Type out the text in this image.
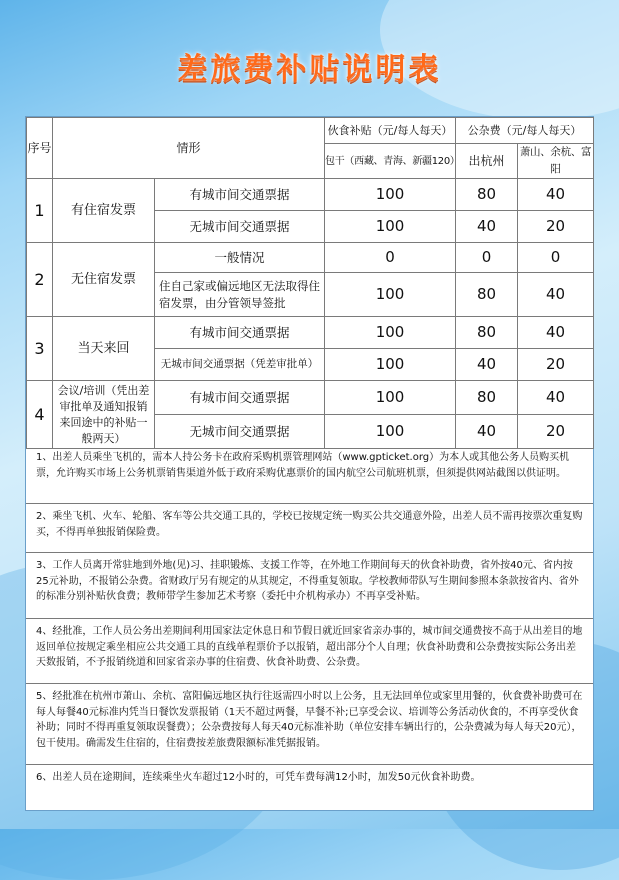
差旅费补贴说明表
序号	情形		伙食补贴（元/每人每天）	公杂费（元/每人每天）	
			包干（西藏、青海、新疆120）	出杭州	萧山、余杭、富阳
1	有住宿发票	有城市间交通票据	100	80	40
		无城市间交通票据	100	40	20
2	无住宿发票	一般情况	0	0	0
		住自己家或偏远地区无法取得住宿发票，由分管领导签批	100	80	40
3	当天来回	有城市间交通票据	100	80	40
		无城市间交通票据（凭差审批单）	100	40	20
4	会议/培训（凭出差审批单及通知报销来回途中的补贴一般两天）	有城市间交通票据	100	80	40
		无城市间交通票据	100	40	20
1、出差人员乘坐飞机的，需本人持公务卡在政府采购机票管理网站（www.gpticket.org）为本人或其他公务人员购买机票，允许购买市场上公务机票销售渠道外低于政府采购优惠票价的国内航空公司航班机票，但须提供网站截图以供证明。
2、乘坐飞机、火车、轮船、客车等公共交通工具的，学校已按规定统一购买公共交通意外险，出差人员不需再按票次重复购买，不得再单独报销保险费。
3、工作人员离开常驻地到外地(见)习、挂职锻炼、支援工作等，在外地工作期间每天的伙食补助费，省外按40元、省内按25元补助，不报销公杂费。省财政厅另有规定的从其规定，不得重复领取。学校教师带队写生期间参照本条款按省内、省外的标准分别补贴伙食费；教师带学生参加艺术考察（委托中介机构承办）不再享受补贴。
4、经批准，工作人员公务出差期间利用国家法定休息日和节假日就近回家省亲办事的，城市间交通费按不高于从出差目的地返回单位按规定乘坐相应公共交通工具的直线单程票价予以报销，超出部分个人自理；伙食补助费和公杂费按实际公务出差天数报销，不予报销绕道和回家省亲办事的住宿费、伙食补助费、公杂费。
5、经批准在杭州市萧山、余杭、富阳偏远地区执行往返需四小时以上公务，且无法回单位或家里用餐的，伙食费补助费可在每人每餐40元标准内凭当日餐饮发票报销（1天不超过两餐，早餐不补;已享受会议、培训等公务活动伙食的，不再享受伙食补助；同时不得再重复领取误餐费）；公杂费按每人每天40元标准补助（单位安排车辆出行的，公杂费减为每人每天20元），包干使用。确需发生住宿的，住宿费按差旅费限额标准凭据报销。
6、出差人员在途期间，连续乘坐火车超过12小时的，可凭车费每满12小时，加发50元伙食补助费。
